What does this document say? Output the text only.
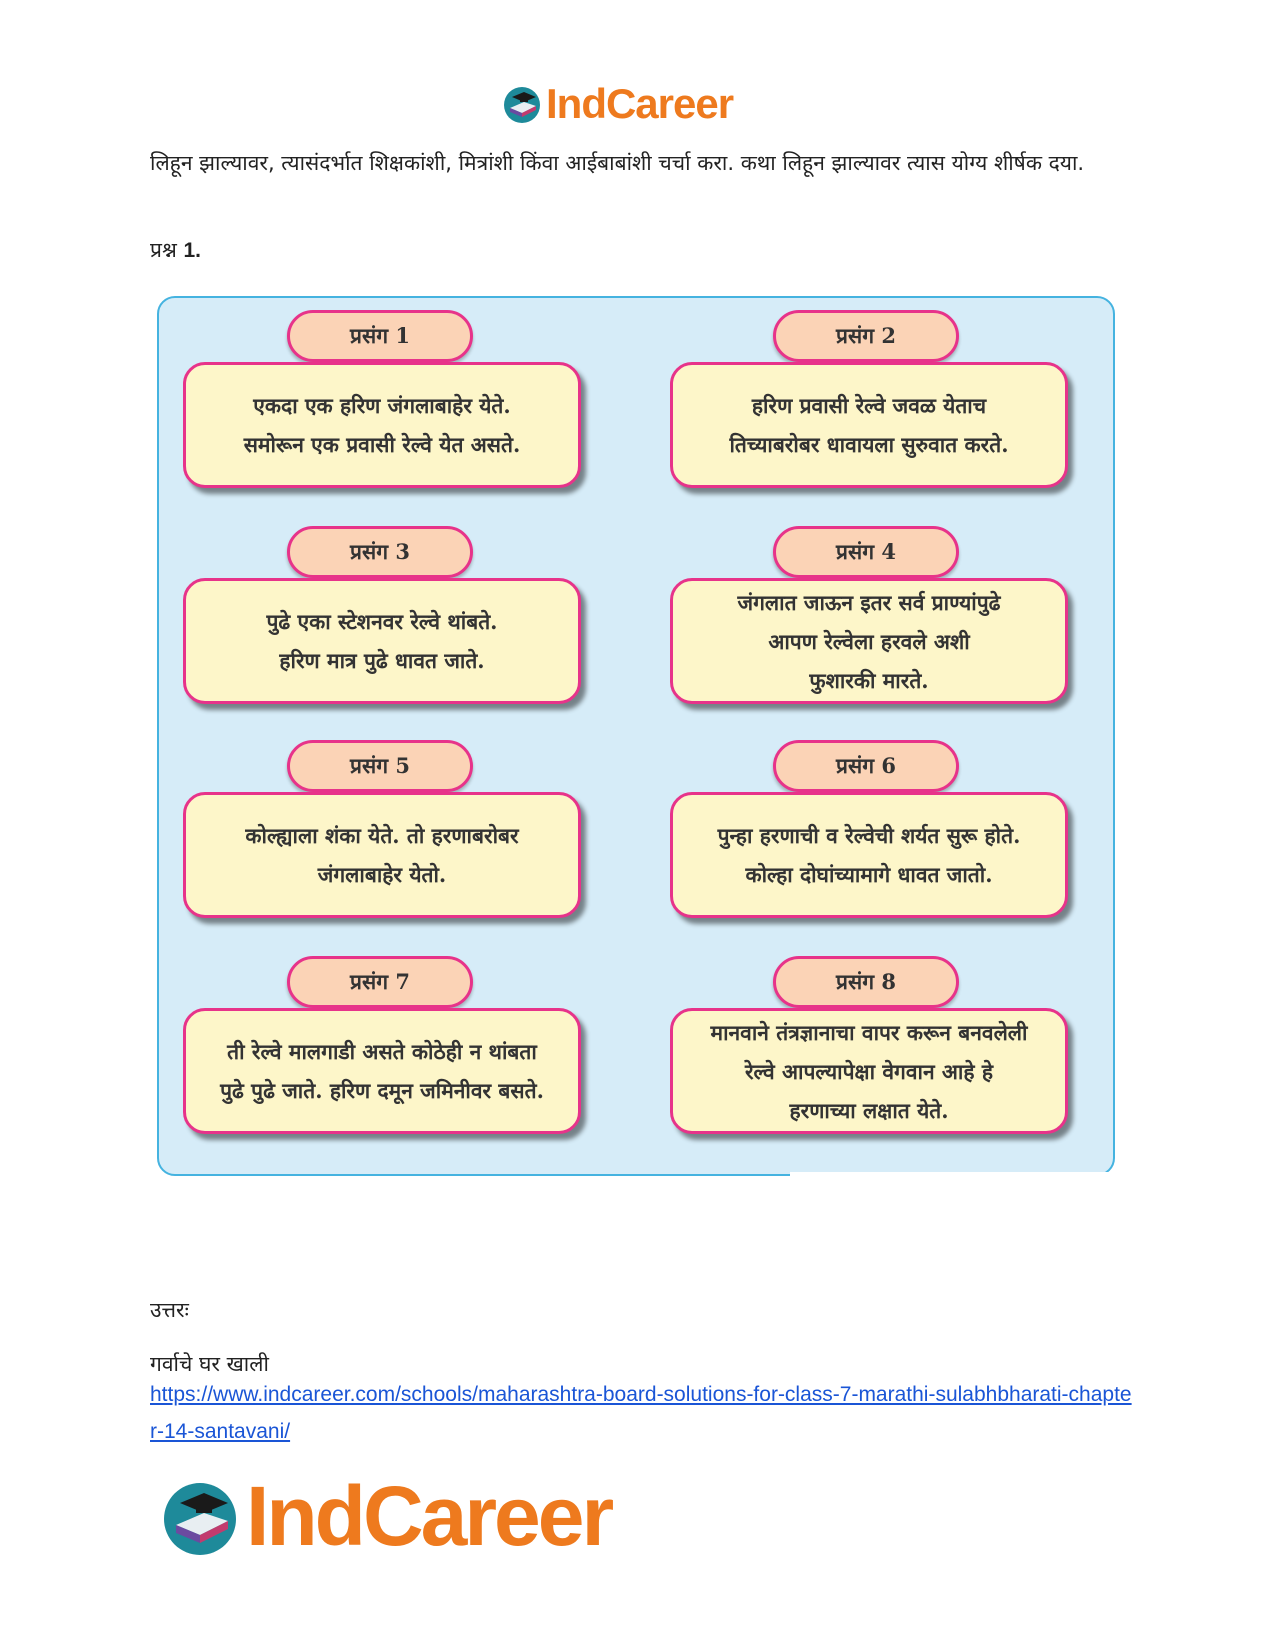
IndCareer
लिहून झाल्यावर, त्यासंदर्भात शिक्षकांशी, मित्रांशी किंवा आईबाबांशी चर्चा करा. कथा लिहून झाल्यावर त्यास योग्य शीर्षक दया.
प्रश्न 1.
प्रसंग 1
एकदा एक हरिण जंगलाबाहेर येते.
समोरून एक प्रवासी रेल्वे येत असते.
प्रसंग 2
हरिण प्रवासी रेल्वे जवळ येताच
तिच्याबरोबर धावायला सुरुवात करते.
प्रसंग 3
पुढे एका स्टेशनवर रेल्वे थांबते.
हरिण मात्र पुढे धावत जाते.
प्रसंग 4
जंगलात जाऊन इतर सर्व प्राण्यांपुढे
आपण रेल्वेला हरवले अशी
फुशारकी मारते.
प्रसंग 5
कोल्ह्याला शंका येते. तो हरणाबरोबर
जंगलाबाहेर येतो.
प्रसंग 6
पुन्हा हरणाची व रेल्वेची शर्यत सुरू होते.
कोल्हा दोघांच्यामागे धावत जातो.
प्रसंग 7
ती रेल्वे मालगाडी असते कोठेही न थांबता
पुढे पुढे जाते. हरिण दमून जमिनीवर बसते.
प्रसंग 8
मानवाने तंत्रज्ञानाचा वापर करून बनवलेली
रेल्वे आपल्यापेक्षा वेगवान आहे हे
हरणाच्या लक्षात येते.
उत्तरः
गर्वाचे घर खाली
https://www.indcareer.com/schools/maharashtra-board-solutions-for-class-7-marathi-sulabhbharati-chapter-14-santavani/
IndCareer
